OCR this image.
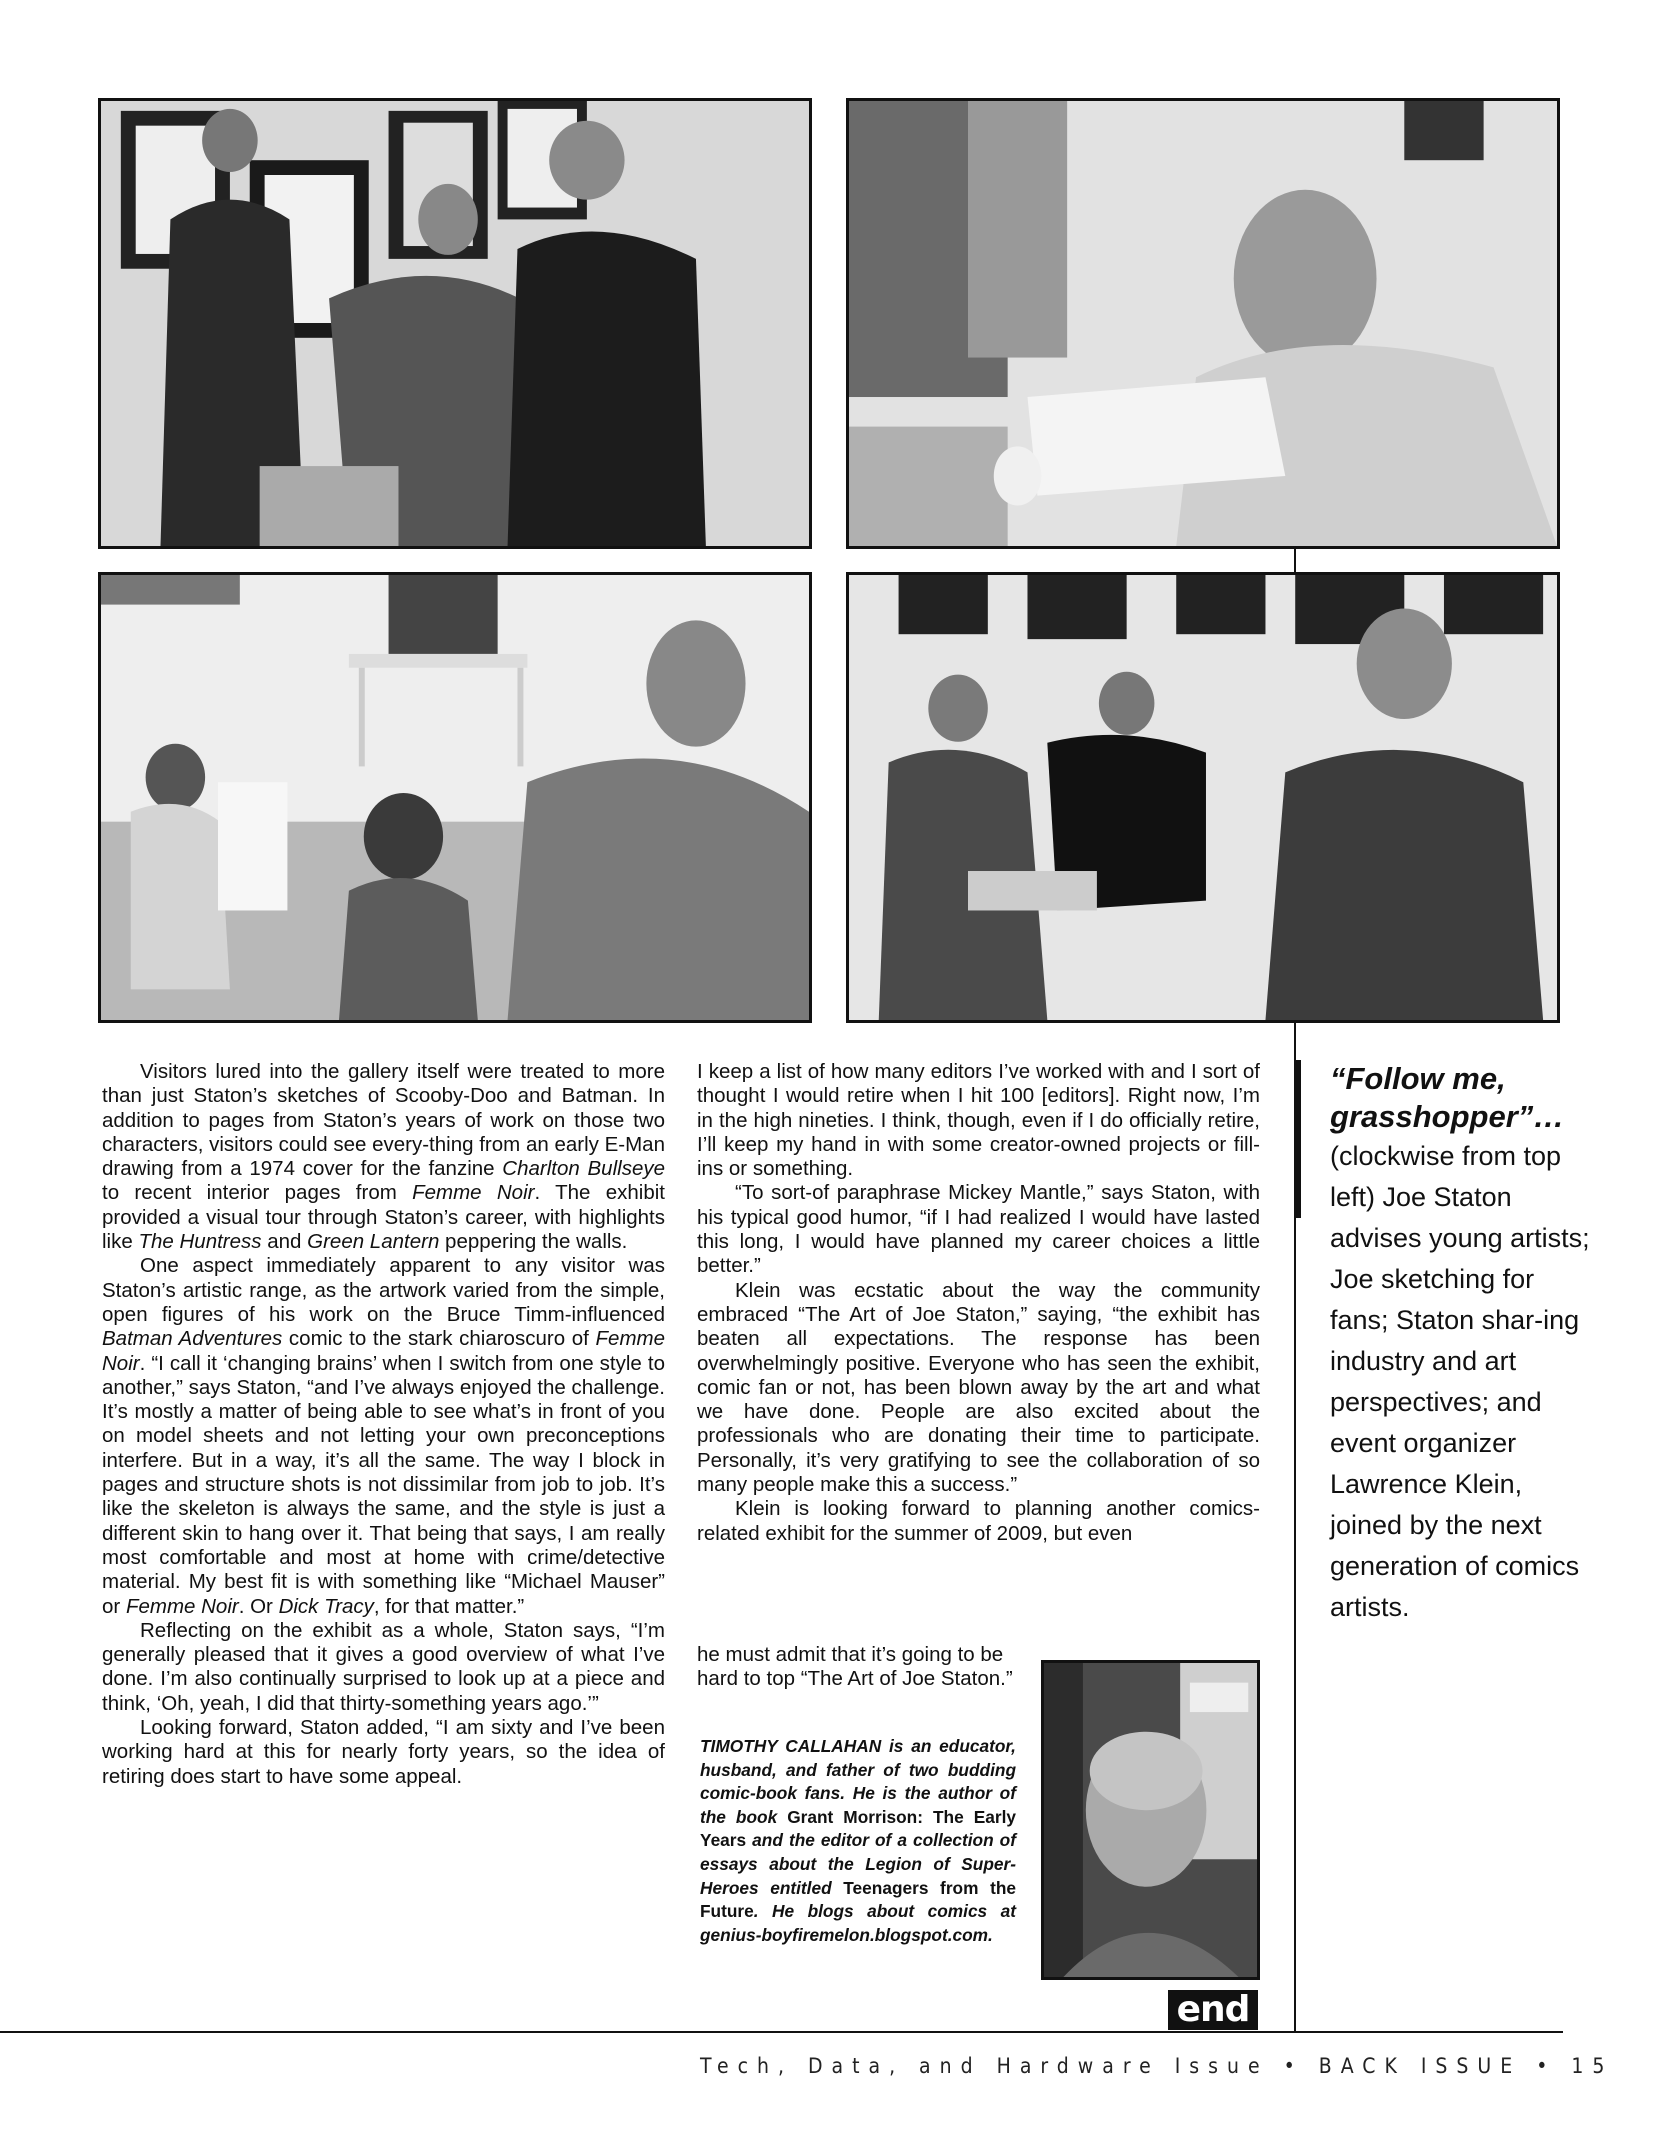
Visitors lured into the gallery itself were treated to more than just Staton’s sketches of Scooby-Doo and Batman. In addition to pages from Staton’s years of work on those two characters, visitors could see every-thing from an early E-Man drawing from a 1974 cover for the fanzine Charlton Bullseye to recent interior pages from Femme Noir. The exhibit provided a visual tour through Staton’s career, with highlights like The Huntress and Green Lantern peppering the walls.

One aspect immediately apparent to any visitor was Staton’s artistic range, as the artwork varied from the simple, open figures of his work on the Bruce Timm-influenced Batman Adventures comic to the stark chiaroscuro of Femme Noir. “I call it ‘changing brains’ when I switch from one style to another,” says Staton, “and I’ve always enjoyed the challenge. It’s mostly a matter of being able to see what’s in front of you on model sheets and not letting your own preconceptions interfere. But in a way, it’s all the same. The way I block in pages and structure shots is not dissimilar from job to job. It’s like the skeleton is always the same, and the style is just a different skin to hang over it. That being that says, I am really most comfortable and most at home with crime/detective material. My best fit is with something like “Michael Mauser” or Femme Noir. Or Dick Tracy, for that matter.”

Reflecting on the exhibit as a whole, Staton says, “I’m generally pleased that it gives a good overview of what I’ve done. I’m also continually surprised to look up at a piece and think, ‘Oh, yeah, I did that thirty-something years ago.’”

Looking forward, Staton added, “I am sixty and I’ve been working hard at this for nearly forty years, so the idea of retiring does start to have some appeal.

I keep a list of how many editors I’ve worked with and I sort of thought I would retire when I hit 100 [editors]. Right now, I’m in the high nineties. I think, though, even if I do officially retire, I’ll keep my hand in with some creator-owned projects or fill-ins or something.

“To sort-of paraphrase Mickey Mantle,” says Staton, with his typical good humor, “if I had realized I would have lasted this long, I would have planned my career choices a little better.”

Klein was ecstatic about the way the community embraced “The Art of Joe Staton,” saying, “the exhibit has beaten all expectations. The response has been overwhelmingly positive. Everyone who has seen the exhibit, comic fan or not, has been blown away by the art and what we have done. People are also excited about the professionals who are donating their time to participate. Personally, it’s very gratifying to see the collaboration of so many people make this a success.”

Klein is looking forward to planning another comics-related exhibit for the summer of 2009, but even

he must admit that it’s going to be hard to top “The Art of Joe Staton.”

TIMOTHY CALLAHAN is an educator, husband, and father of two budding comic-book fans. He is the author of the book Grant Morrison: The Early Years and the editor of a collection of essays about the Legion of Super-Heroes entitled Teenagers from the Future. He blogs about comics at genius-boyfiremelon.blogspot.com.
“Follow me, grasshopper”…
(clockwise from top left) Joe Staton advises young artists; Joe sketching for fans; Staton shar-ing industry and art perspectives; and event organizer Lawrence Klein, joined by the next generation of comics artists.
end
Tech, Data, and Hardware Issue • BACK ISSUE • 15
